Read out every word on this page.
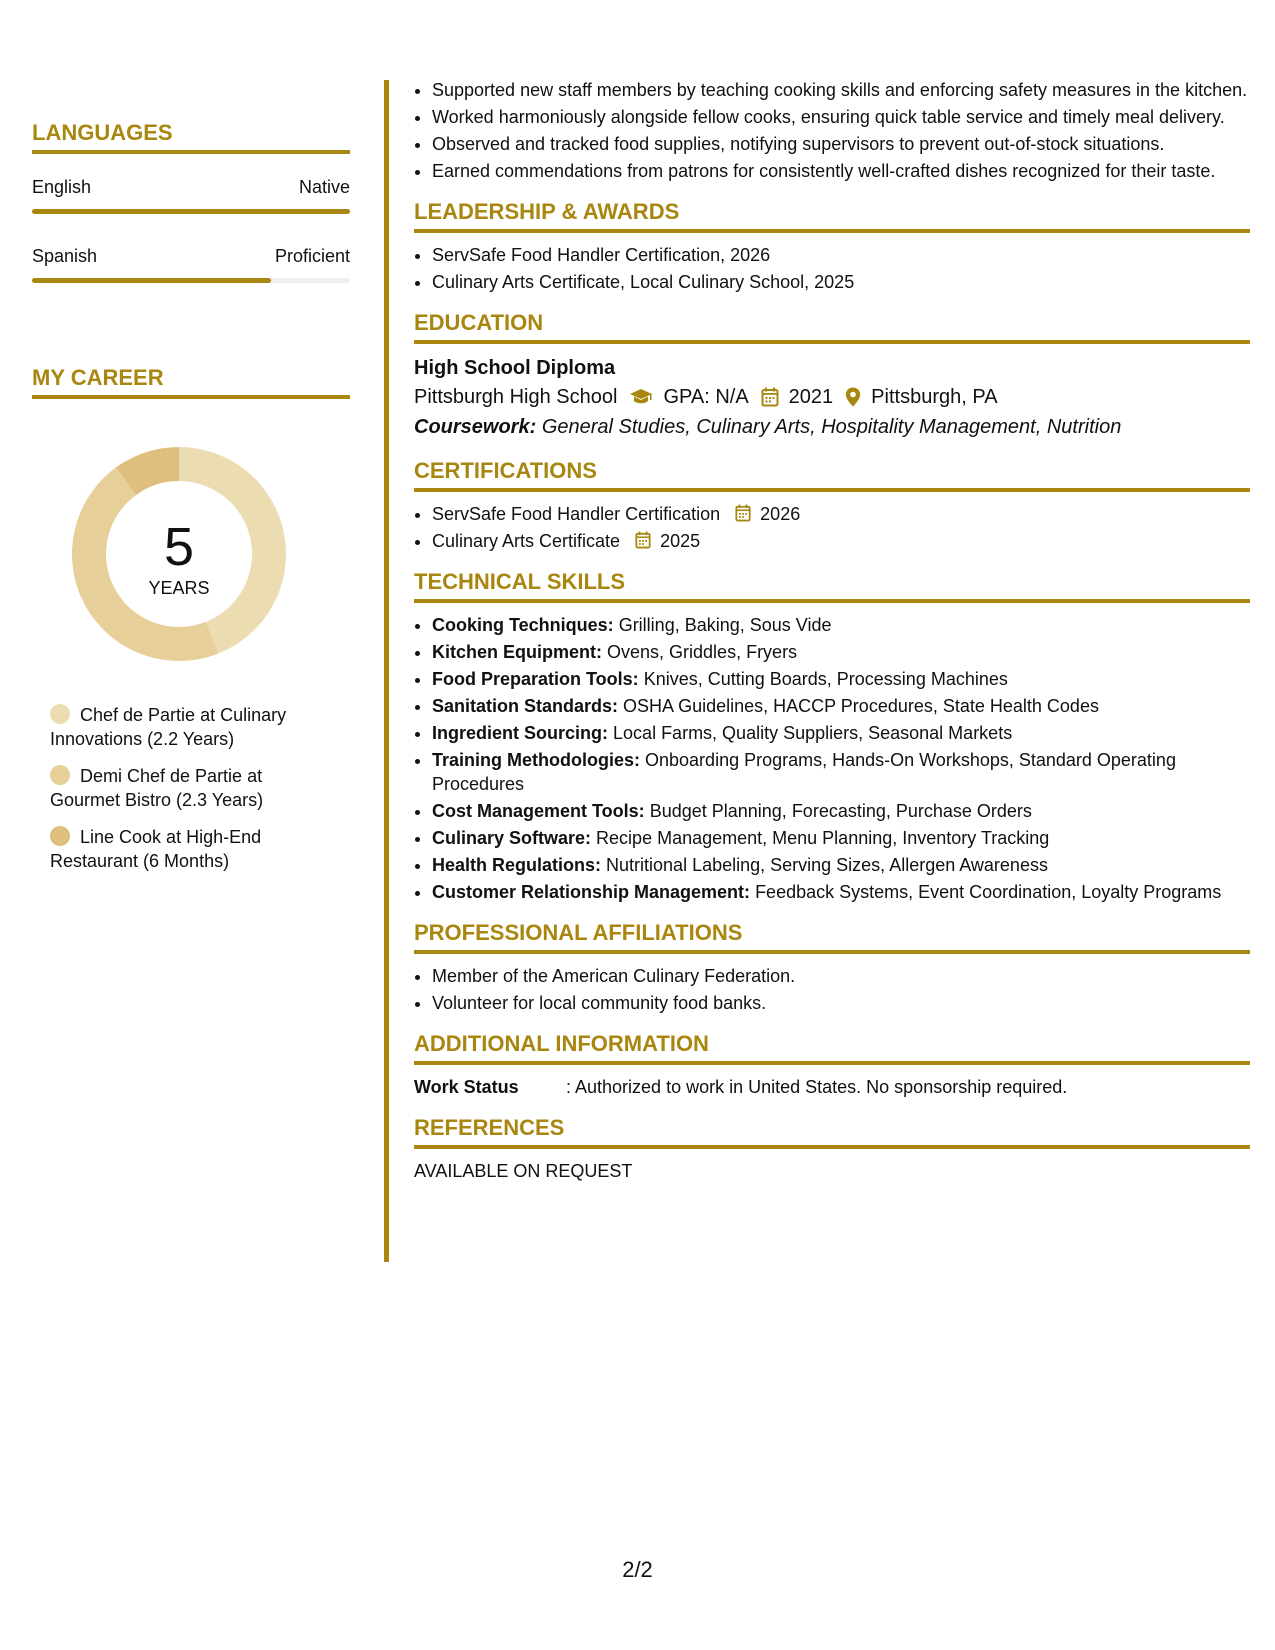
LANGUAGES
English	Native
Spanish	Proficient
MY CAREER
5
YEARS
Chef de Partie at Culinary Innovations (2.2 Years)
Demi Chef de Partie at Gourmet Bistro (2.3 Years)
Line Cook at High-End Restaurant (6 Months)
• Supported new staff members by teaching cooking skills and enforcing safety measures in the kitchen.
• Worked harmoniously alongside fellow cooks, ensuring quick table service and timely meal delivery.
• Observed and tracked food supplies, notifying supervisors to prevent out-of-stock situations.
• Earned commendations from patrons for consistently well-crafted dishes recognized for their taste.
LEADERSHIP & AWARDS
• ServSafe Food Handler Certification, 2026
• Culinary Arts Certificate, Local Culinary School, 2025
EDUCATION
High School Diploma
Pittsburgh High School GPA: N/A 2021 Pittsburgh, PA
Coursework: General Studies, Culinary Arts, Hospitality Management, Nutrition
CERTIFICATIONS
• ServSafe Food Handler Certification 2026
• Culinary Arts Certificate 2025
TECHNICAL SKILLS
• Cooking Techniques: Grilling, Baking, Sous Vide
• Kitchen Equipment: Ovens, Griddles, Fryers
• Food Preparation Tools: Knives, Cutting Boards, Processing Machines
• Sanitation Standards: OSHA Guidelines, HACCP Procedures, State Health Codes
• Ingredient Sourcing: Local Farms, Quality Suppliers, Seasonal Markets
• Training Methodologies: Onboarding Programs, Hands-On Workshops, Standard Operating Procedures
• Cost Management Tools: Budget Planning, Forecasting, Purchase Orders
• Culinary Software: Recipe Management, Menu Planning, Inventory Tracking
• Health Regulations: Nutritional Labeling, Serving Sizes, Allergen Awareness
• Customer Relationship Management: Feedback Systems, Event Coordination, Loyalty Programs
PROFESSIONAL AFFILIATIONS
• Member of the American Culinary Federation.
• Volunteer for local community food banks.
ADDITIONAL INFORMATION
Work Status	: Authorized to work in United States. No sponsorship required.
REFERENCES
AVAILABLE ON REQUEST
2/2
